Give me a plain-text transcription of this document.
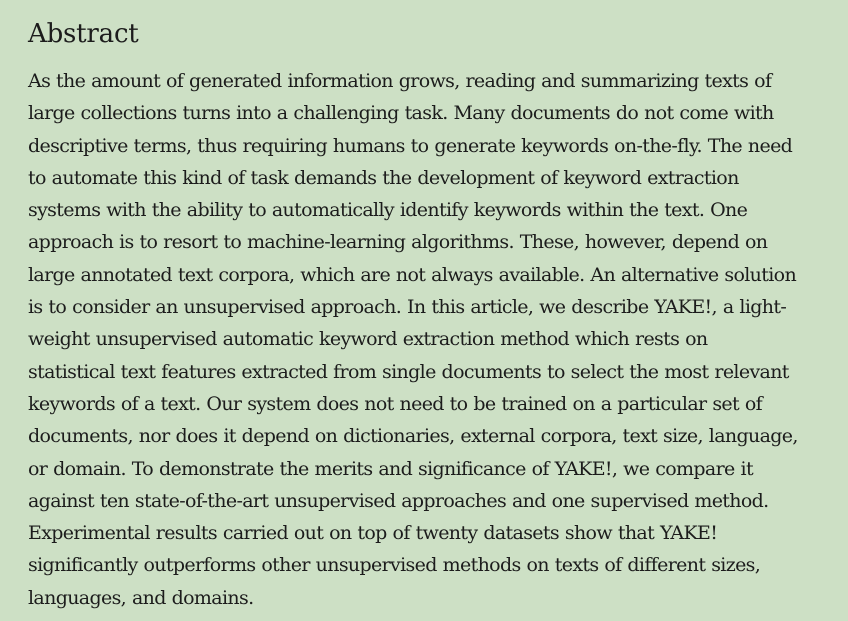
Abstract
As the amount of generated information grows, reading and summarizing texts of
large collections turns into a challenging task. Many documents do not come with
descriptive terms, thus requiring humans to generate keywords on-the-fly. The need
to automate this kind of task demands the development of keyword extraction
systems with the ability to automatically identify keywords within the text. One
approach is to resort to machine-learning algorithms. These, however, depend on
large annotated text corpora, which are not always available. An alternative solution
is to consider an unsupervised approach. In this article, we describe YAKE!, a light-
weight unsupervised automatic keyword extraction method which rests on
statistical text features extracted from single documents to select the most relevant
keywords of a text. Our system does not need to be trained on a particular set of
documents, nor does it depend on dictionaries, external corpora, text size, language,
or domain. To demonstrate the merits and significance of YAKE!, we compare it
against ten state-of-the-art unsupervised approaches and one supervised method.
Experimental results carried out on top of twenty datasets show that YAKE!
significantly outperforms other unsupervised methods on texts of different sizes,
languages, and domains.
